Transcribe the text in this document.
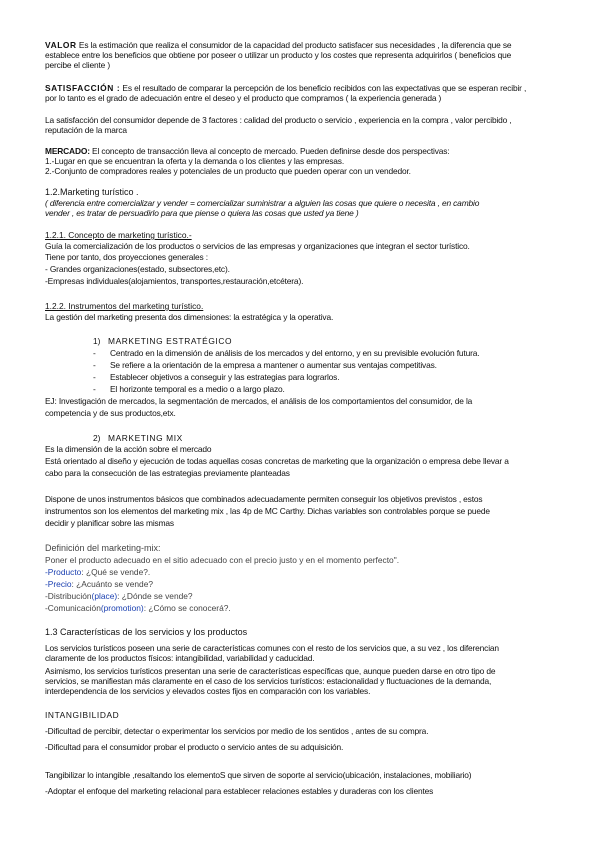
VALOR Es la estimación que realiza el consumidor de la capacidad del producto satisfacer sus necesidades , la diferencia que se
establece entre los beneficios que obtiene por poseer o utilizar un producto y los costes que representa adquirirlos ( beneficios que
percibe el cliente )
SATISFACCIÓN : Es el resultado de comparar la percepción de los beneficio recibidos con las expectativas que se esperan recibir ,
por lo tanto es el grado de adecuación entre el deseo y el producto que compramos ( la experiencia generada )
La satisfacción del consumidor depende de 3 factores : calidad del producto o servicio , experiencia en la compra , valor percibido ,
reputación de la marca
MERCADO: El concepto de transacción lleva al concepto de mercado. Pueden definirse desde dos perspectivas:
1.-Lugar en que se encuentran la oferta y la demanda o los clientes y las empresas.
2.-Conjunto de compradores reales y potenciales de un producto que pueden operar con un vendedor.
1.2.Marketing turístico .
( diferencia entre comercializar y vender = comercializar suministrar a alguien las cosas que quiere o necesita , en cambio
vender , es tratar de persuadirlo para que piense o quiera las cosas que usted ya tiene )
1.2.1. Concepto de marketing turístico.-
Guía la comercialización de los productos o servicios de las empresas y organizaciones que integran el sector turístico.
Tiene por tanto, dos proyecciones generales :
- Grandes organizaciones(estado, subsectores,etc).
-Empresas individuales(alojamientos, transportes,restauración,etcétera).
1.2.2. Instrumentos del marketing turístico.
La gestión del marketing presenta dos dimensiones: la estratégica y la operativa.
1) MARKETING ESTRATÉGICO
- Centrado en la dimensión de análisis de los mercados y del entorno, y en su previsible evolución futura.
- Se refiere a la orientación de la empresa a mantener o aumentar sus ventajas competitivas.
- Establecer objetivos a conseguir y las estrategias para lograrlos.
- El horizonte temporal es a medio o a largo plazo.
EJ: Investigación de mercados, la segmentación de mercados, el análisis de los comportamientos del consumidor, de la
competencia y de sus productos,etx.
2) MARKETING MIX
Es la dimensión de la acción sobre el mercado
Está orientado al diseño y ejecución de todas aquellas cosas concretas de marketing que la organización o empresa debe llevar a
cabo para la consecución de las estrategias previamente planteadas
Dispone de unos instrumentos básicos que combinados adecuadamente permiten conseguir los objetivos previstos , estos
instrumentos son los elementos del marketing mix , las 4p de MC Carthy. Dichas variables son controlables porque se puede
decidir y planificar sobre las mismas
Definición del marketing-mix:
Poner el producto adecuado en el sitio adecuado con el precio justo y en el momento perfecto".
-Producto: ¿Qué se vende?.
-Precio: ¿Acuánto se vende?
-Distribución(place): ¿Dónde se vende?
-Comunicación(promotion): ¿Cómo se conocerá?.
1.3 Características de los servicios y los productos
Los servicios turísticos poseen una serie de características comunes con el resto de los servicios que, a su vez , los diferencian
claramente de los productos físicos: intangibilidad, variabilidad y caducidad.
Asimismo, los servicios turísticos presentan una serie de características específicas que, aunque pueden darse en otro tipo de
servicios, se manifiestan más claramente en el caso de los servicios turísticos: estacionalidad y fluctuaciones de la demanda,
interdependencia de los servicios y elevados costes fijos en comparación con los variables.
INTANGIBILIDAD
-Dificultad de percibir, detectar o experimentar los servicios por medio de los sentidos , antes de su compra.
-Dificultad para el consumidor probar el producto o servicio antes de su adquisición.
Tangibilizar lo intangible ,resaltando los elementoS que sirven de soporte al servicio(ubicación, instalaciones, mobiliario)
-Adoptar el enfoque del marketing relacional para establecer relaciones estables y duraderas con los clientes
